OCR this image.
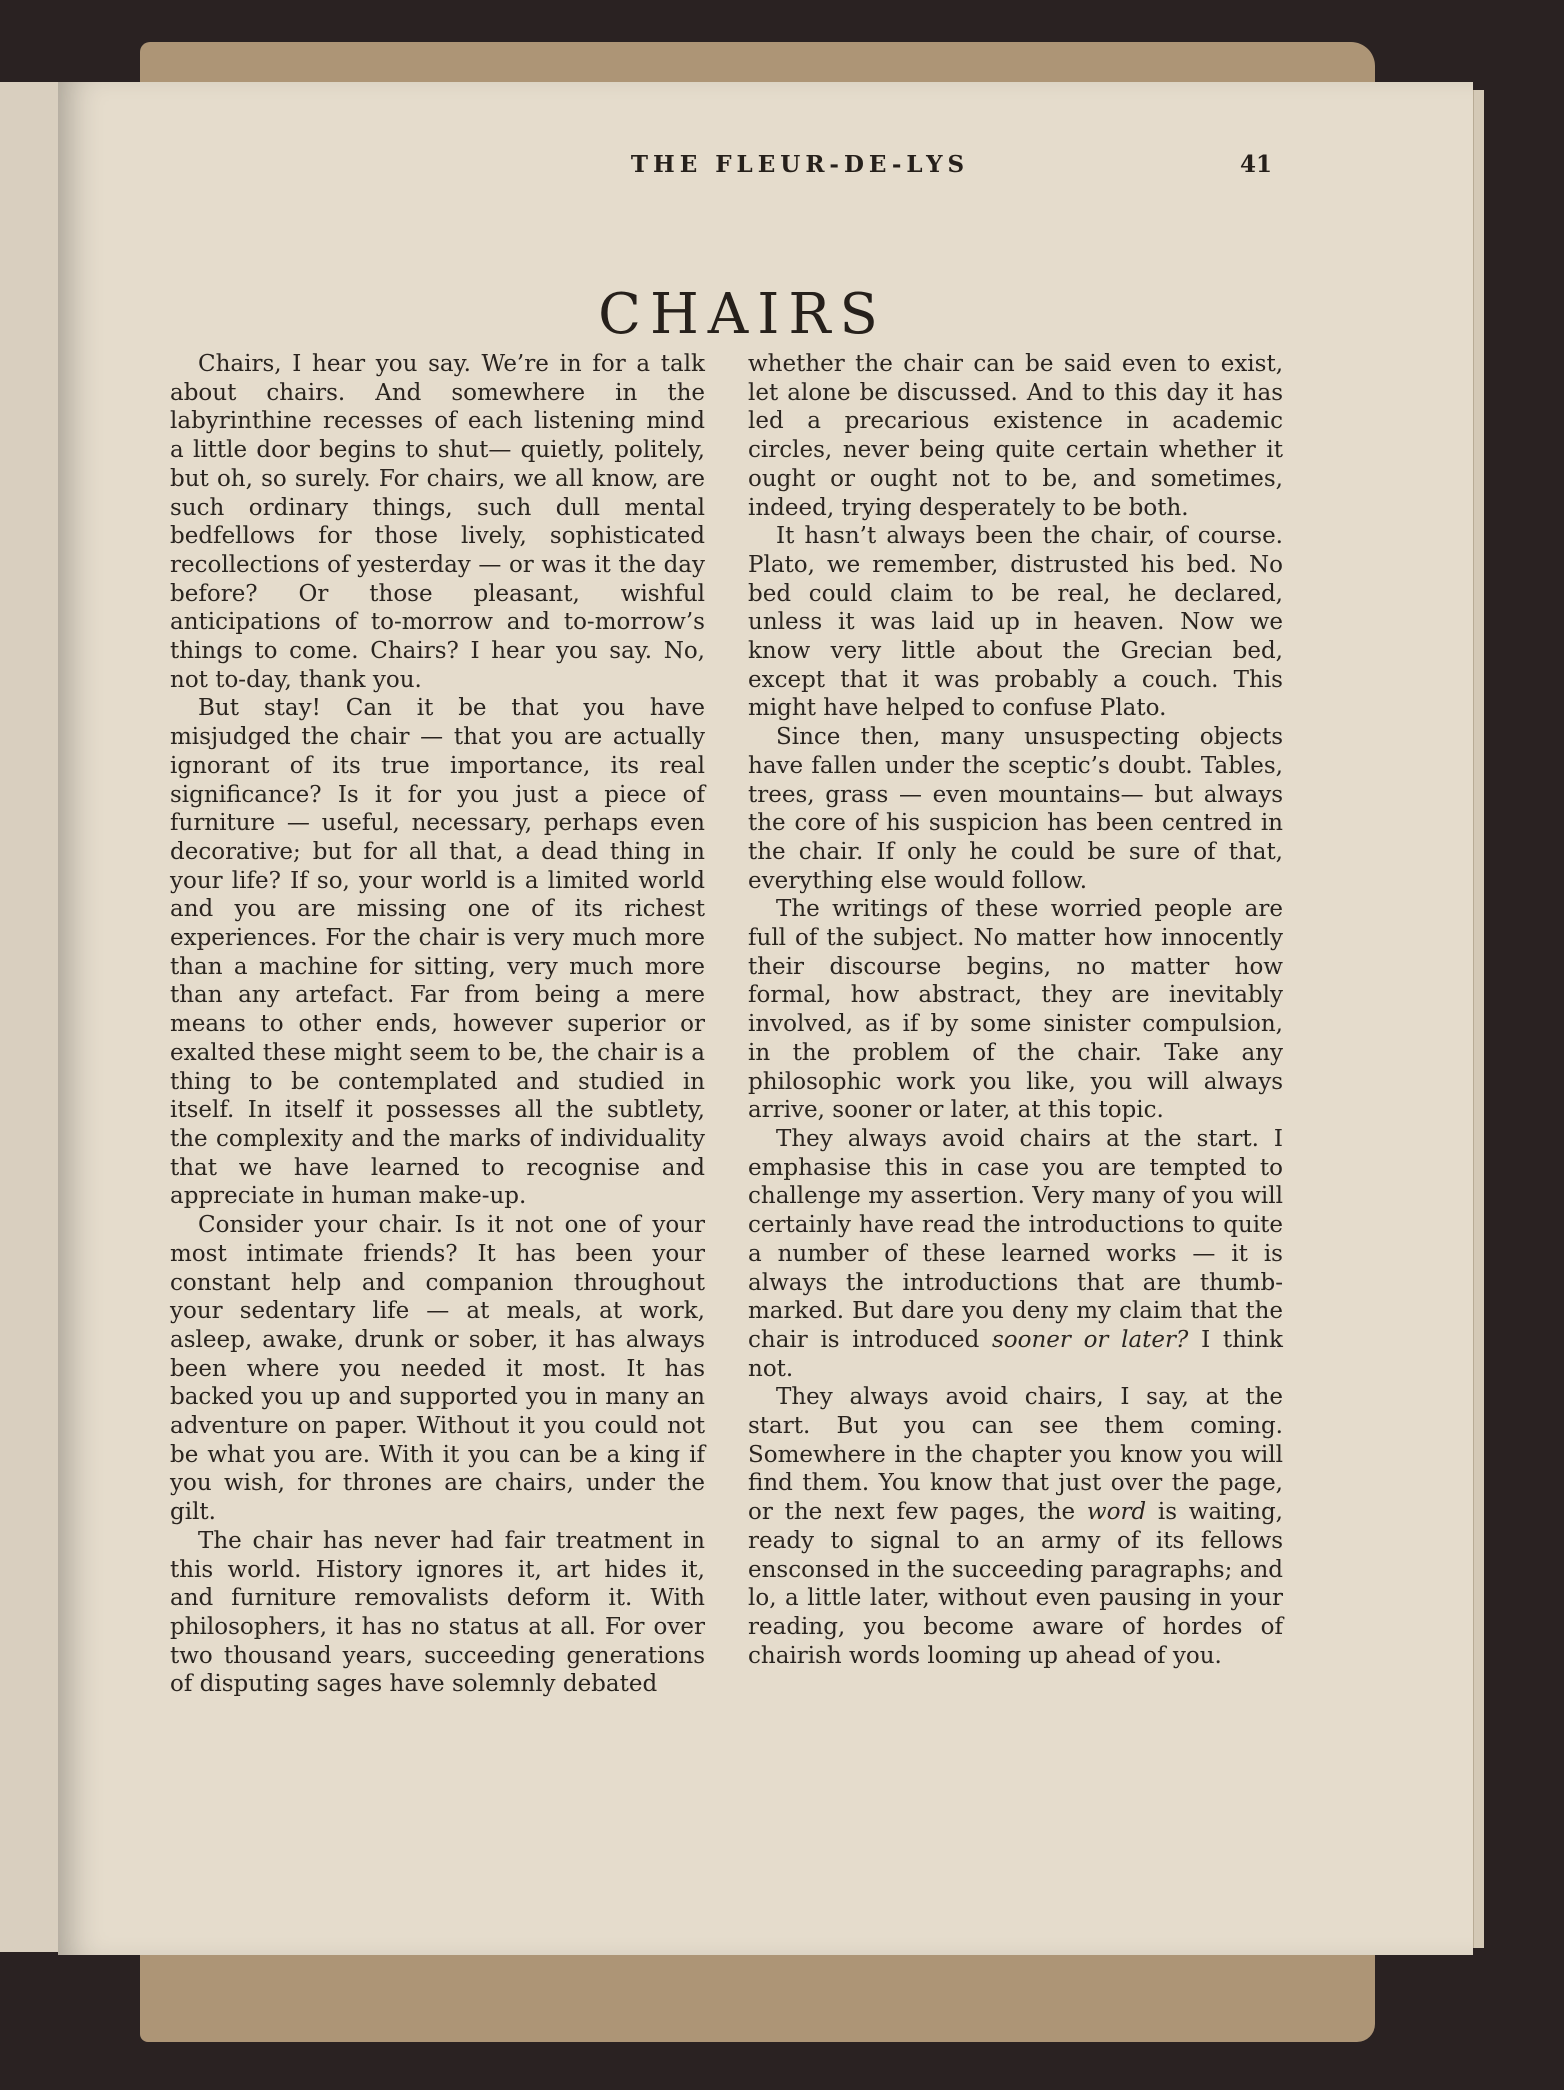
THE FLEUR-DE-LYS	41
CHAIRS

Chairs, I hear you say. We’re in for a talk about chairs. And somewhere in the labyrinthine recesses of each listening mind a little door begins to shut— quietly, politely, but oh, so surely. For chairs, we all know, are such ordinary things, such dull mental bedfellows for those lively, sophisticated recollections of yesterday — or was it the day before? Or those pleasant, wishful anticipations of to-morrow and to-morrow’s things to come. Chairs? I hear you say. No, not to-day, thank you.

But stay! Can it be that you have misjudged the chair — that you are actually ignorant of its true importance, its real significance? Is it for you just a piece of furniture — useful, necessary, perhaps even decorative; but for all that, a dead thing in your life? If so, your world is a limited world and you are missing one of its richest experiences. For the chair is very much more than a machine for sitting, very much more than any artefact. Far from being a mere means to other ends, however superior or exalted these might seem to be, the chair is a thing to be contemplated and studied in itself. In itself it possesses all the subtlety, the complexity and the marks of individuality that we have learned to recognise and appreciate in human make-up.

Consider your chair. Is it not one of your most intimate friends? It has been your constant help and companion throughout your sedentary life — at meals, at work, asleep, awake, drunk or sober, it has always been where you needed it most. It has backed you up and supported you in many an adventure on paper. Without it you could not be what you are. With it you can be a king if you wish, for thrones are chairs, under the gilt.

The chair has never had fair treatment in this world. History ignores it, art hides it, and furniture removalists deform it. With philosophers, it has no status at all. For over two thousand years, succeeding generations of disputing sages have solemnly debated

whether the chair can be said even to exist, let alone be discussed. And to this day it has led a precarious existence in academic circles, never being quite certain whether it ought or ought not to be, and sometimes, indeed, trying desperately to be both.

It hasn’t always been the chair, of course. Plato, we remember, distrusted his bed. No bed could claim to be real, he declared, unless it was laid up in heaven. Now we know very little about the Grecian bed, except that it was probably a couch. This might have helped to confuse Plato.

Since then, many unsuspecting objects have fallen under the sceptic’s doubt. Tables, trees, grass — even mountains— but always the core of his suspicion has been centred in the chair. If only he could be sure of that, everything else would follow.

The writings of these worried people are full of the subject. No matter how innocently their discourse begins, no matter how formal, how abstract, they are inevitably involved, as if by some sinister compulsion, in the problem of the chair. Take any philosophic work you like, you will always arrive, sooner or later, at this topic.

They always avoid chairs at the start. I emphasise this in case you are tempted to challenge my assertion. Very many of you will certainly have read the introductions to quite a number of these learned works — it is always the introductions that are thumb-marked. But dare you deny my claim that the chair is introduced sooner or later? I think not.

They always avoid chairs, I say, at the start. But you can see them coming. Somewhere in the chapter you know you will find them. You know that just over the page, or the next few pages, the word is waiting, ready to signal to an army of its fellows ensconsed in the succeeding paragraphs; and lo, a little later, without even pausing in your reading, you become aware of hordes of chairish words looming up ahead of you.
